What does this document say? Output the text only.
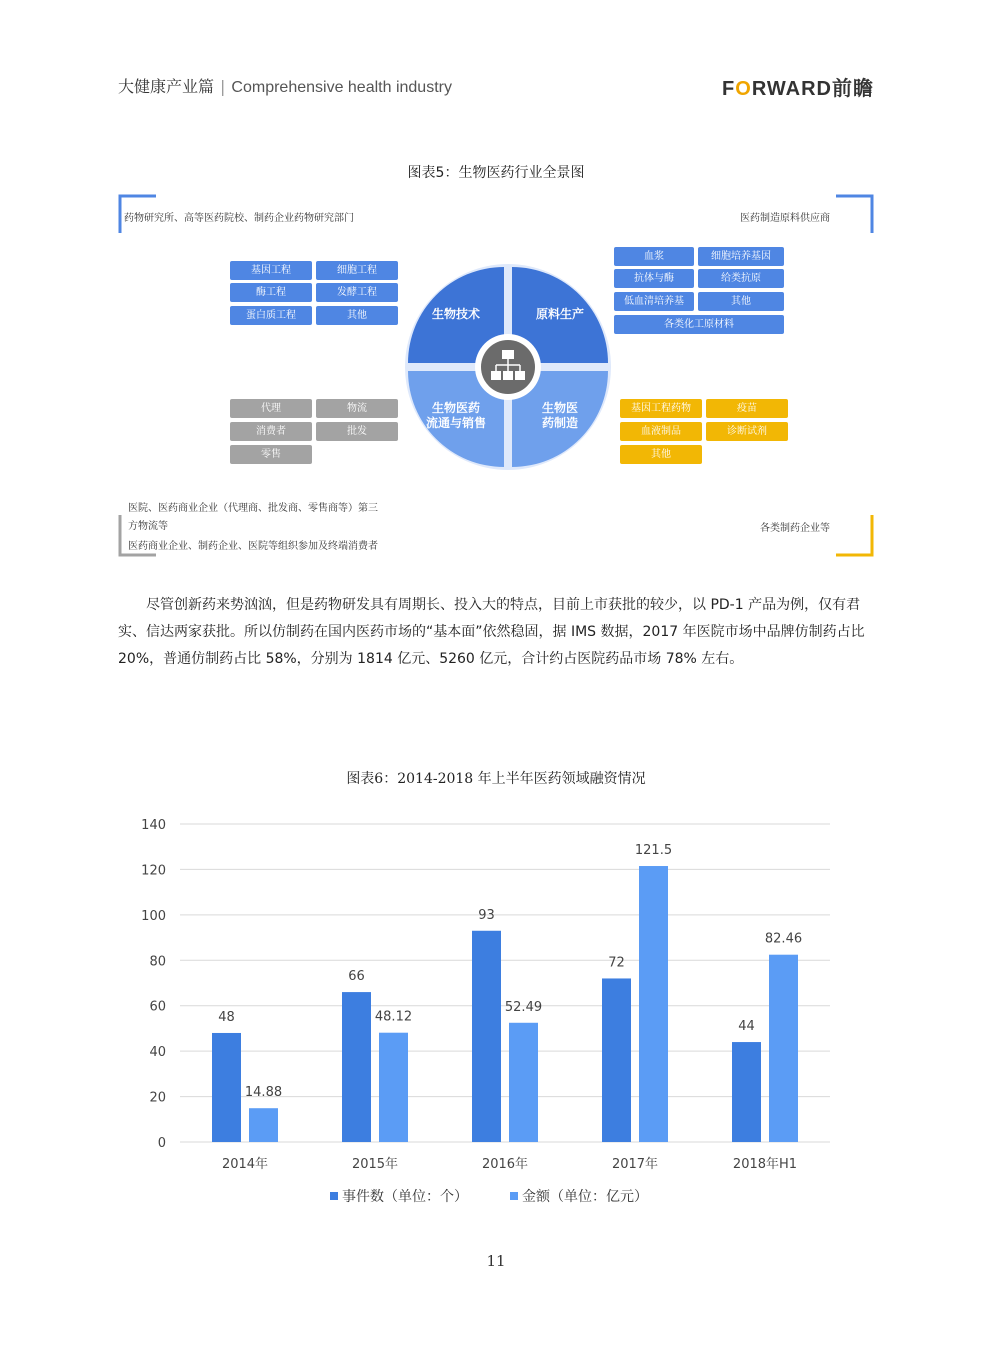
大健康产业篇 | Comprehensive health industry	FORWARD前瞻
图表5：生物医药行业全景图
药物研究所、高等医药院校、制药企业药物研究部门	医药制造原料供应商
医院、医药商业企业（代理商、批发商、零售商等）第三
方物流等
医药商业企业、制药企业、医院等组织参加及终端消费者
各类制药企业等
生物技术	原料生产
生物医药
流通与销售
生物医
药制造
基因工程	细胞工程
酶工程	发酵工程
蛋白质工程	其他
血浆	细胞培养基因
抗体与酶	给类抗原
低血清培养基	其他
各类化工原材料
代理	物流
消费者	批发
零售
基因工程药物	疫苗
血液制品	诊断试剂
其他
尽管创新药来势汹汹，但是药物研发具有周期长、投入大的特点，目前上市获批的较少，以 PD-1 产品为例，仅有君实、信达两家获批。所以仿制药在国内医药市场的“基本面”依然稳固，据 IMS 数据，2017 年医院市场中品牌仿制药占比 20%，普通仿制药占比 58%，分别为 1814 亿元、5260 亿元，合计约占医院药品市场 78% 左右。
图表6：2014-2018 年上半年医药领域融资情况
0
20
40
60
80
100
120
140
48
14.88
2014年
66
48.12
2015年
93
52.49
2016年
72
121.5
2017年
44
82.46
2018年H1
事件数（单位：个）	金额（单位：亿元）
11
